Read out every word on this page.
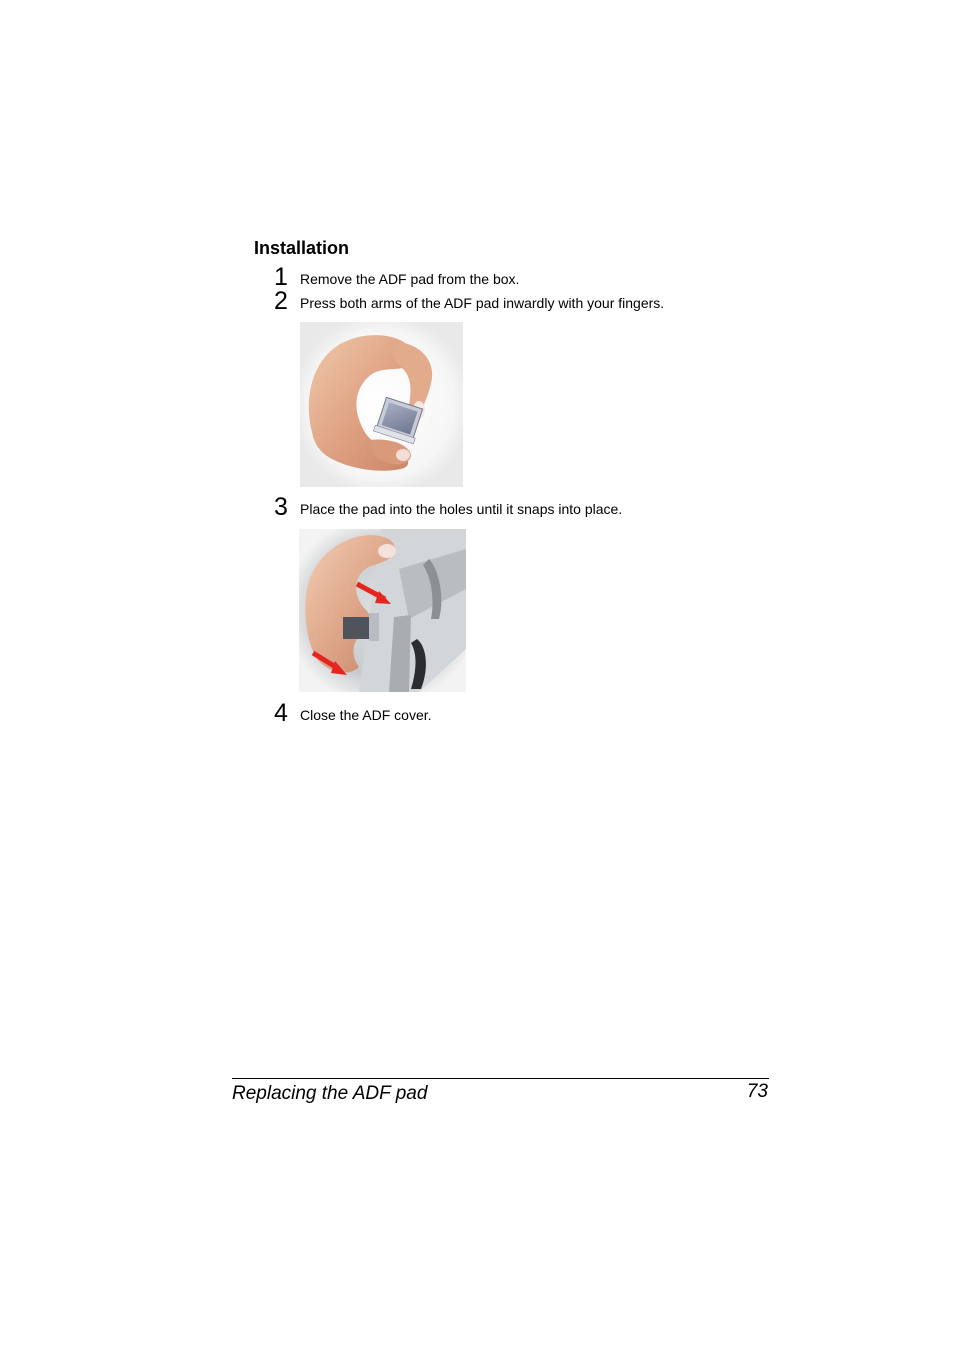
Installation
1 Remove the ADF pad from the box.
2 Press both arms of the ADF pad inwardly with your fingers.
3 Place the pad into the holes until it snaps into place.
4 Close the ADF cover.
Replacing the ADF pad	73
